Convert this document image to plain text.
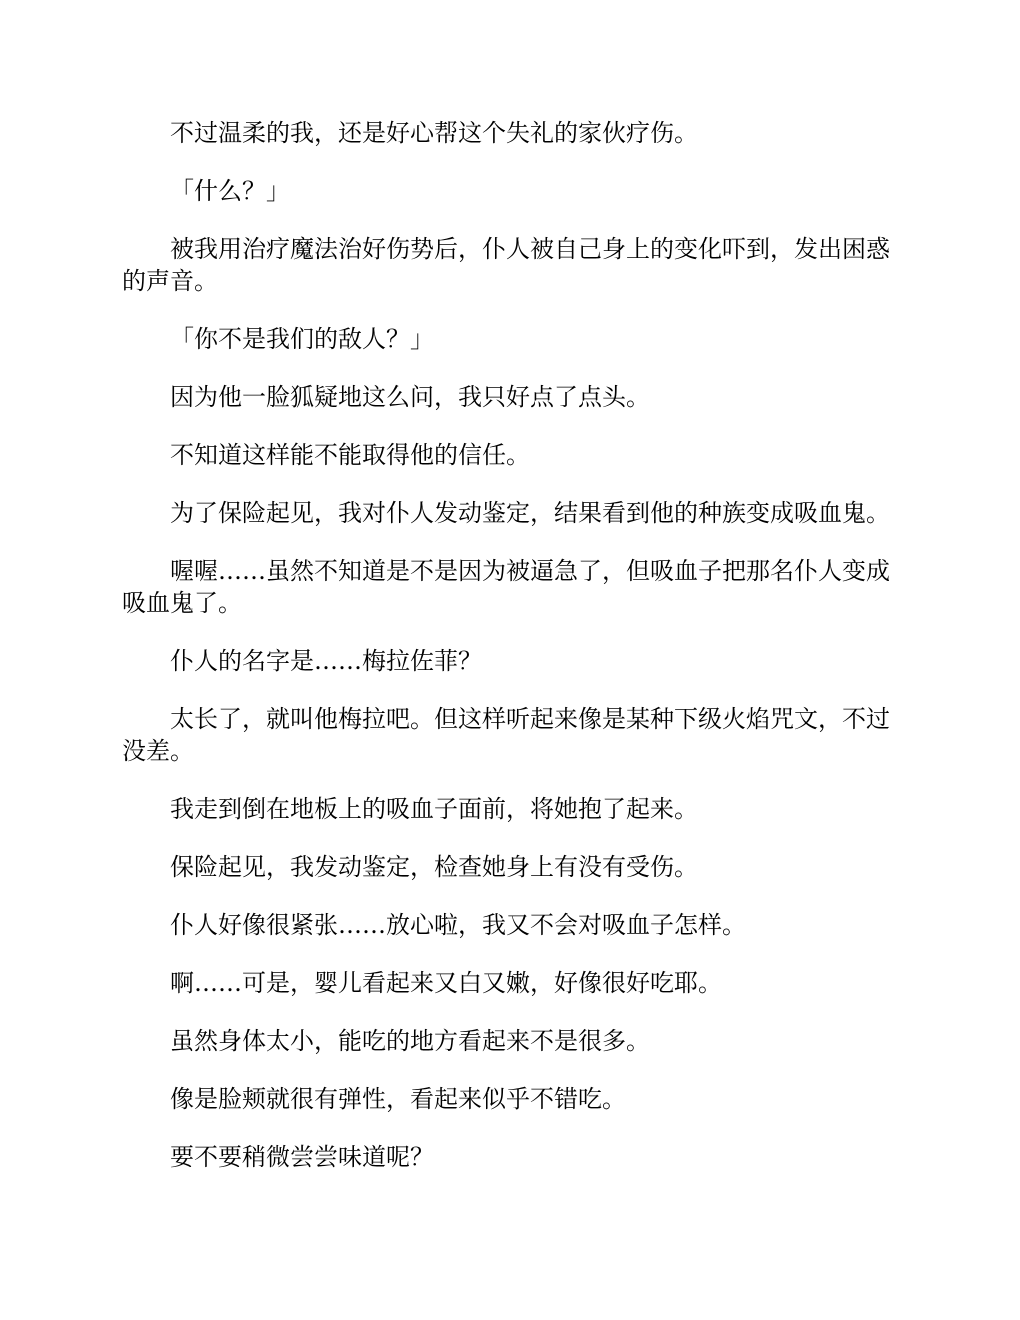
不过温柔的我，还是好心帮这个失礼的家伙疗伤。

「什么？」

被我用治疗魔法治好伤势后，仆人被自己身上的变化吓到，发出困惑的声音。

「你不是我们的敌人？」

因为他一脸狐疑地这么问，我只好点了点头。

不知道这样能不能取得他的信任。

为了保险起见，我对仆人发动鉴定，结果看到他的种族变成吸血鬼。

喔喔……虽然不知道是不是因为被逼急了，但吸血子把那名仆人变成吸血鬼了。

仆人的名字是……梅拉佐菲？

太长了，就叫他梅拉吧。但这样听起来像是某种下级火焰咒文，不过没差。

我走到倒在地板上的吸血子面前，将她抱了起来。

保险起见，我发动鉴定，检查她身上有没有受伤。

仆人好像很紧张……放心啦，我又不会对吸血子怎样。

啊……可是，婴儿看起来又白又嫩，好像很好吃耶。

虽然身体太小，能吃的地方看起来不是很多。

像是脸颊就很有弹性，看起来似乎不错吃。

要不要稍微尝尝味道呢？
